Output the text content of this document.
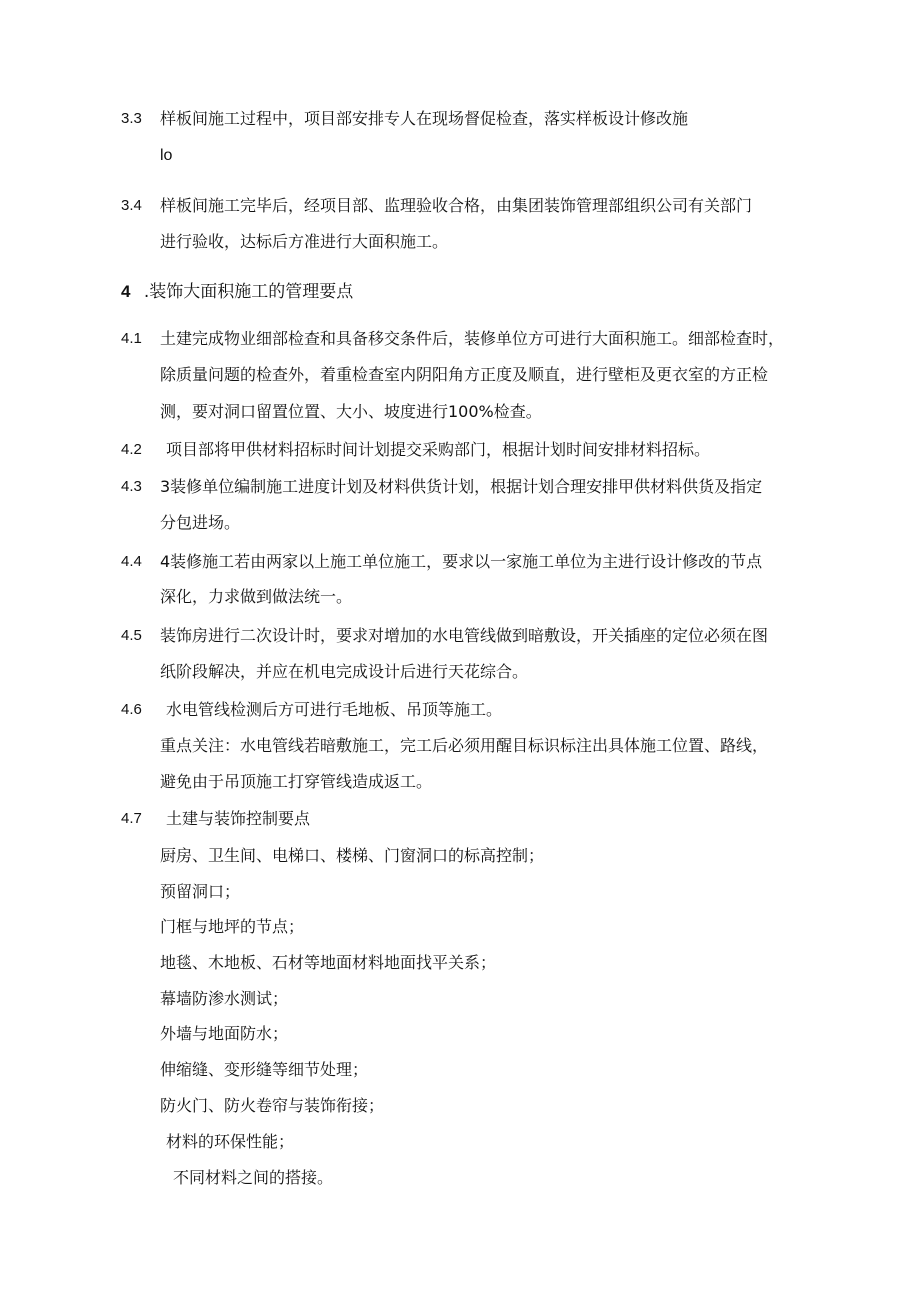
3.3 样板间施工过程中，项目部安排专人在现场督促检查，落实样板设计修改施
lo
3.4 样板间施工完毕后，经项目部、监理验收合格，由集团装饰管理部组织公司有关部门
进行验收，达标后方准进行大面积施工。
4 .装饰大面积施工的管理要点
4.1 土建完成物业细部检查和具备移交条件后，装修单位方可进行大面积施工。细部检查时，
除质量问题的检查外，着重检查室内阴阳角方正度及顺直，进行壁柜及更衣室的方正检
测，要对洞口留置位置、大小、坡度进行100%检查。
4.2 项目部将甲供材料招标时间计划提交采购部门，根据计划时间安排材料招标。
4.3 3装修单位编制施工进度计划及材料供货计划，根据计划合理安排甲供材料供货及指定
分包进场。
4.4 4装修施工若由两家以上施工单位施工，要求以一家施工单位为主进行设计修改的节点
深化，力求做到做法统一。
4.5 装饰房进行二次设计时，要求对增加的水电管线做到暗敷设，开关插座的定位必须在图
纸阶段解决，并应在机电完成设计后进行天花综合。
4.6 水电管线检测后方可进行毛地板、吊顶等施工。
重点关注：水电管线若暗敷施工，完工后必须用醒目标识标注出具体施工位置、路线，
避免由于吊顶施工打穿管线造成返工。
4.7 土建与装饰控制要点
厨房、卫生间、电梯口、楼梯、门窗洞口的标高控制；
预留洞口；
门框与地坪的节点；
地毯、木地板、石材等地面材料地面找平关系；
幕墙防渗水测试；
外墙与地面防水；
伸缩缝、变形缝等细节处理；
防火门、防火卷帘与装饰衔接；
材料的环保性能；
不同材料之间的搭接。
